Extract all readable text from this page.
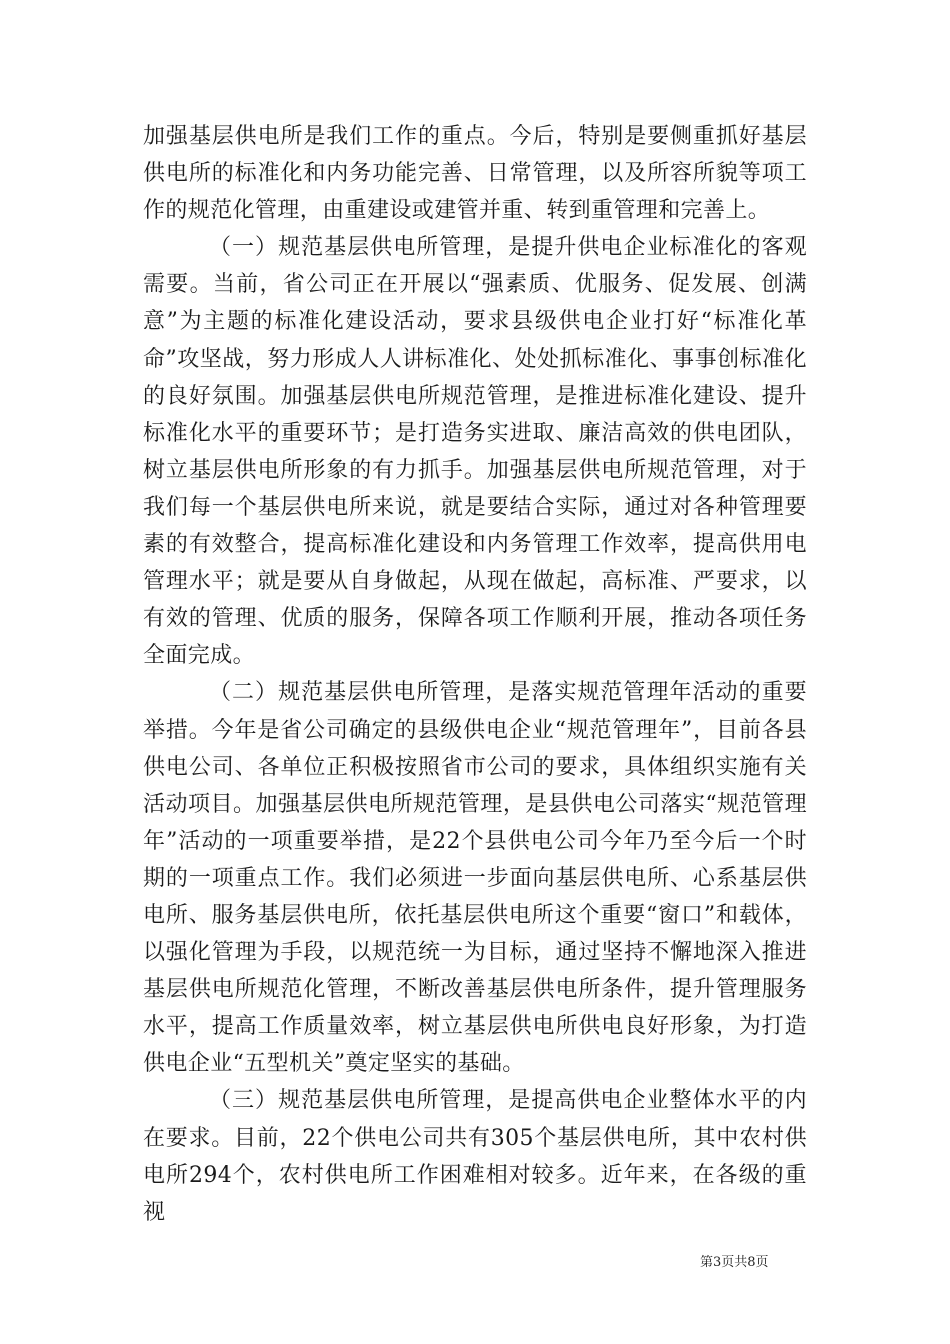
加强基层供电所是我们工作的重点。今后，特别是要侧重抓好基层供电所的标准化和内务功能完善、日常管理，以及所容所貌等项工作的规范化管理，由重建设或建管并重、转到重管理和完善上。

（一）规范基层供电所管理，是提升供电企业标准化的客观需要。当前，省公司正在开展以“强素质、优服务、促发展、创满意”为主题的标准化建设活动，要求县级供电企业打好“标准化革命”攻坚战，努力形成人人讲标准化、处处抓标准化、事事创标准化的良好氛围。加强基层供电所规范管理，是推进标准化建设、提升标准化水平的重要环节；是打造务实进取、廉洁高效的供电团队，树立基层供电所形象的有力抓手。加强基层供电所规范管理，对于我们每一个基层供电所来说，就是要结合实际，通过对各种管理要素的有效整合，提高标准化建设和内务管理工作效率，提高供用电管理水平；就是要从自身做起，从现在做起，高标准、严要求，以有效的管理、优质的服务，保障各项工作顺利开展，推动各项任务全面完成。

（二）规范基层供电所管理，是落实规范管理年活动的重要举措。今年是省公司确定的县级供电企业“规范管理年”，目前各县供电公司、各单位正积极按照省市公司的要求，具体组织实施有关活动项目。加强基层供电所规范管理，是县供电公司落实“规范管理年”活动的一项重要举措，是22个县供电公司今年乃至今后一个时期的一项重点工作。我们必须进一步面向基层供电所、心系基层供电所、服务基层供电所，依托基层供电所这个重要“窗口”和载体，以强化管理为手段，以规范统一为目标，通过坚持不懈地深入推进基层供电所规范化管理，不断改善基层供电所条件，提升管理服务水平，提高工作质量效率，树立基层供电所供电良好形象，为打造供电企业“五型机关”奠定坚实的基础。

（三）规范基层供电所管理，是提高供电企业整体水平的内在要求。目前，22个供电公司共有305个基层供电所，其中农村供电所294个，农村供电所工作困难相对较多。近年来，在各级的重视

第3页共8页
